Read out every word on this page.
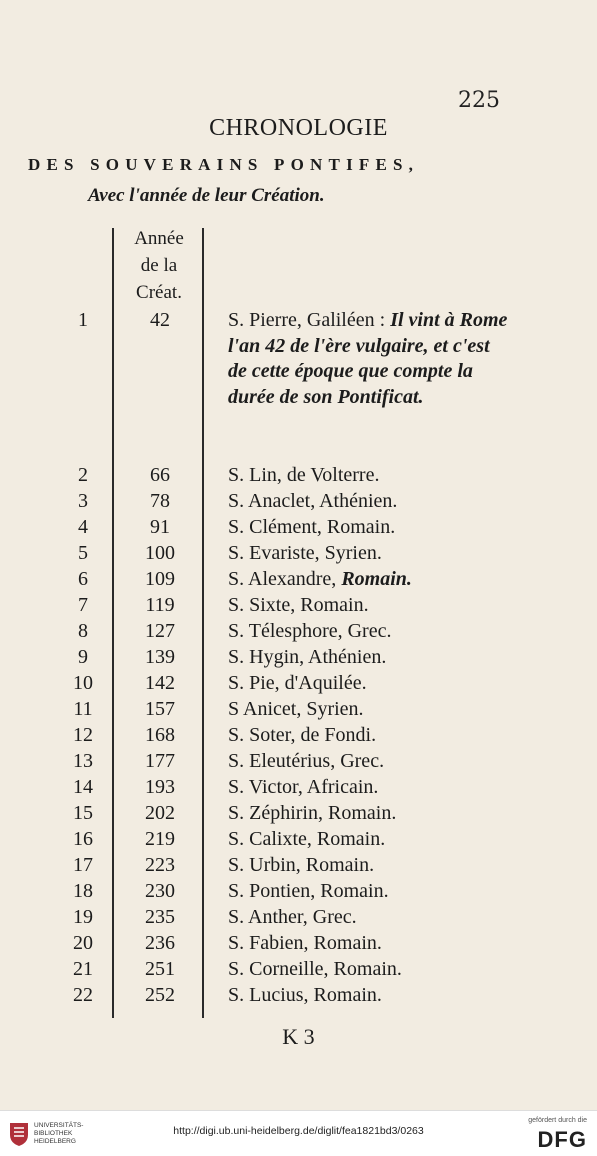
225
CHRONOLOGIE
DES SOUVERAINS PONTIFES,
Avec l'année de leur Création.
Année
de la
Créat.
1	42	S. Pierre, Galiléen : Il vint à Rome l'an 42 de l'ère vulgaire, et c'est de cette époque que compte la durée de son Pontificat.
2	66	S. Lin, de Volterre.
3	78	S. Anaclet, Athénien.
4	91	S. Clément, Romain.
5	100	S. Evariste, Syrien.
6	109	S. Alexandre, Romain.
7	119	S. Sixte, Romain.
8	127	S. Télesphore, Grec.
9	139	S. Hygin, Athénien.
10	142	S. Pie, d'Aquilée.
11	157	S Anicet, Syrien.
12	168	S. Soter, de Fondi.
13	177	S. Eleutérius, Grec.
14	193	S. Victor, Africain.
15	202	S. Zéphirin, Romain.
16	219	S. Calixte, Romain.
17	223	S. Urbin, Romain.
18	230	S. Pontien, Romain.
19	235	S. Anther, Grec.
20	236	S. Fabien, Romain.
21	251	S. Corneille, Romain.
22	252	S. Lucius, Romain.
K 3
UNIVERSITÄTS-
BIBLIOTHEK
HEIDELBERG
http://digi.ub.uni-heidelberg.de/diglit/fea1821bd3/0263
gefördert durch die
DFG
